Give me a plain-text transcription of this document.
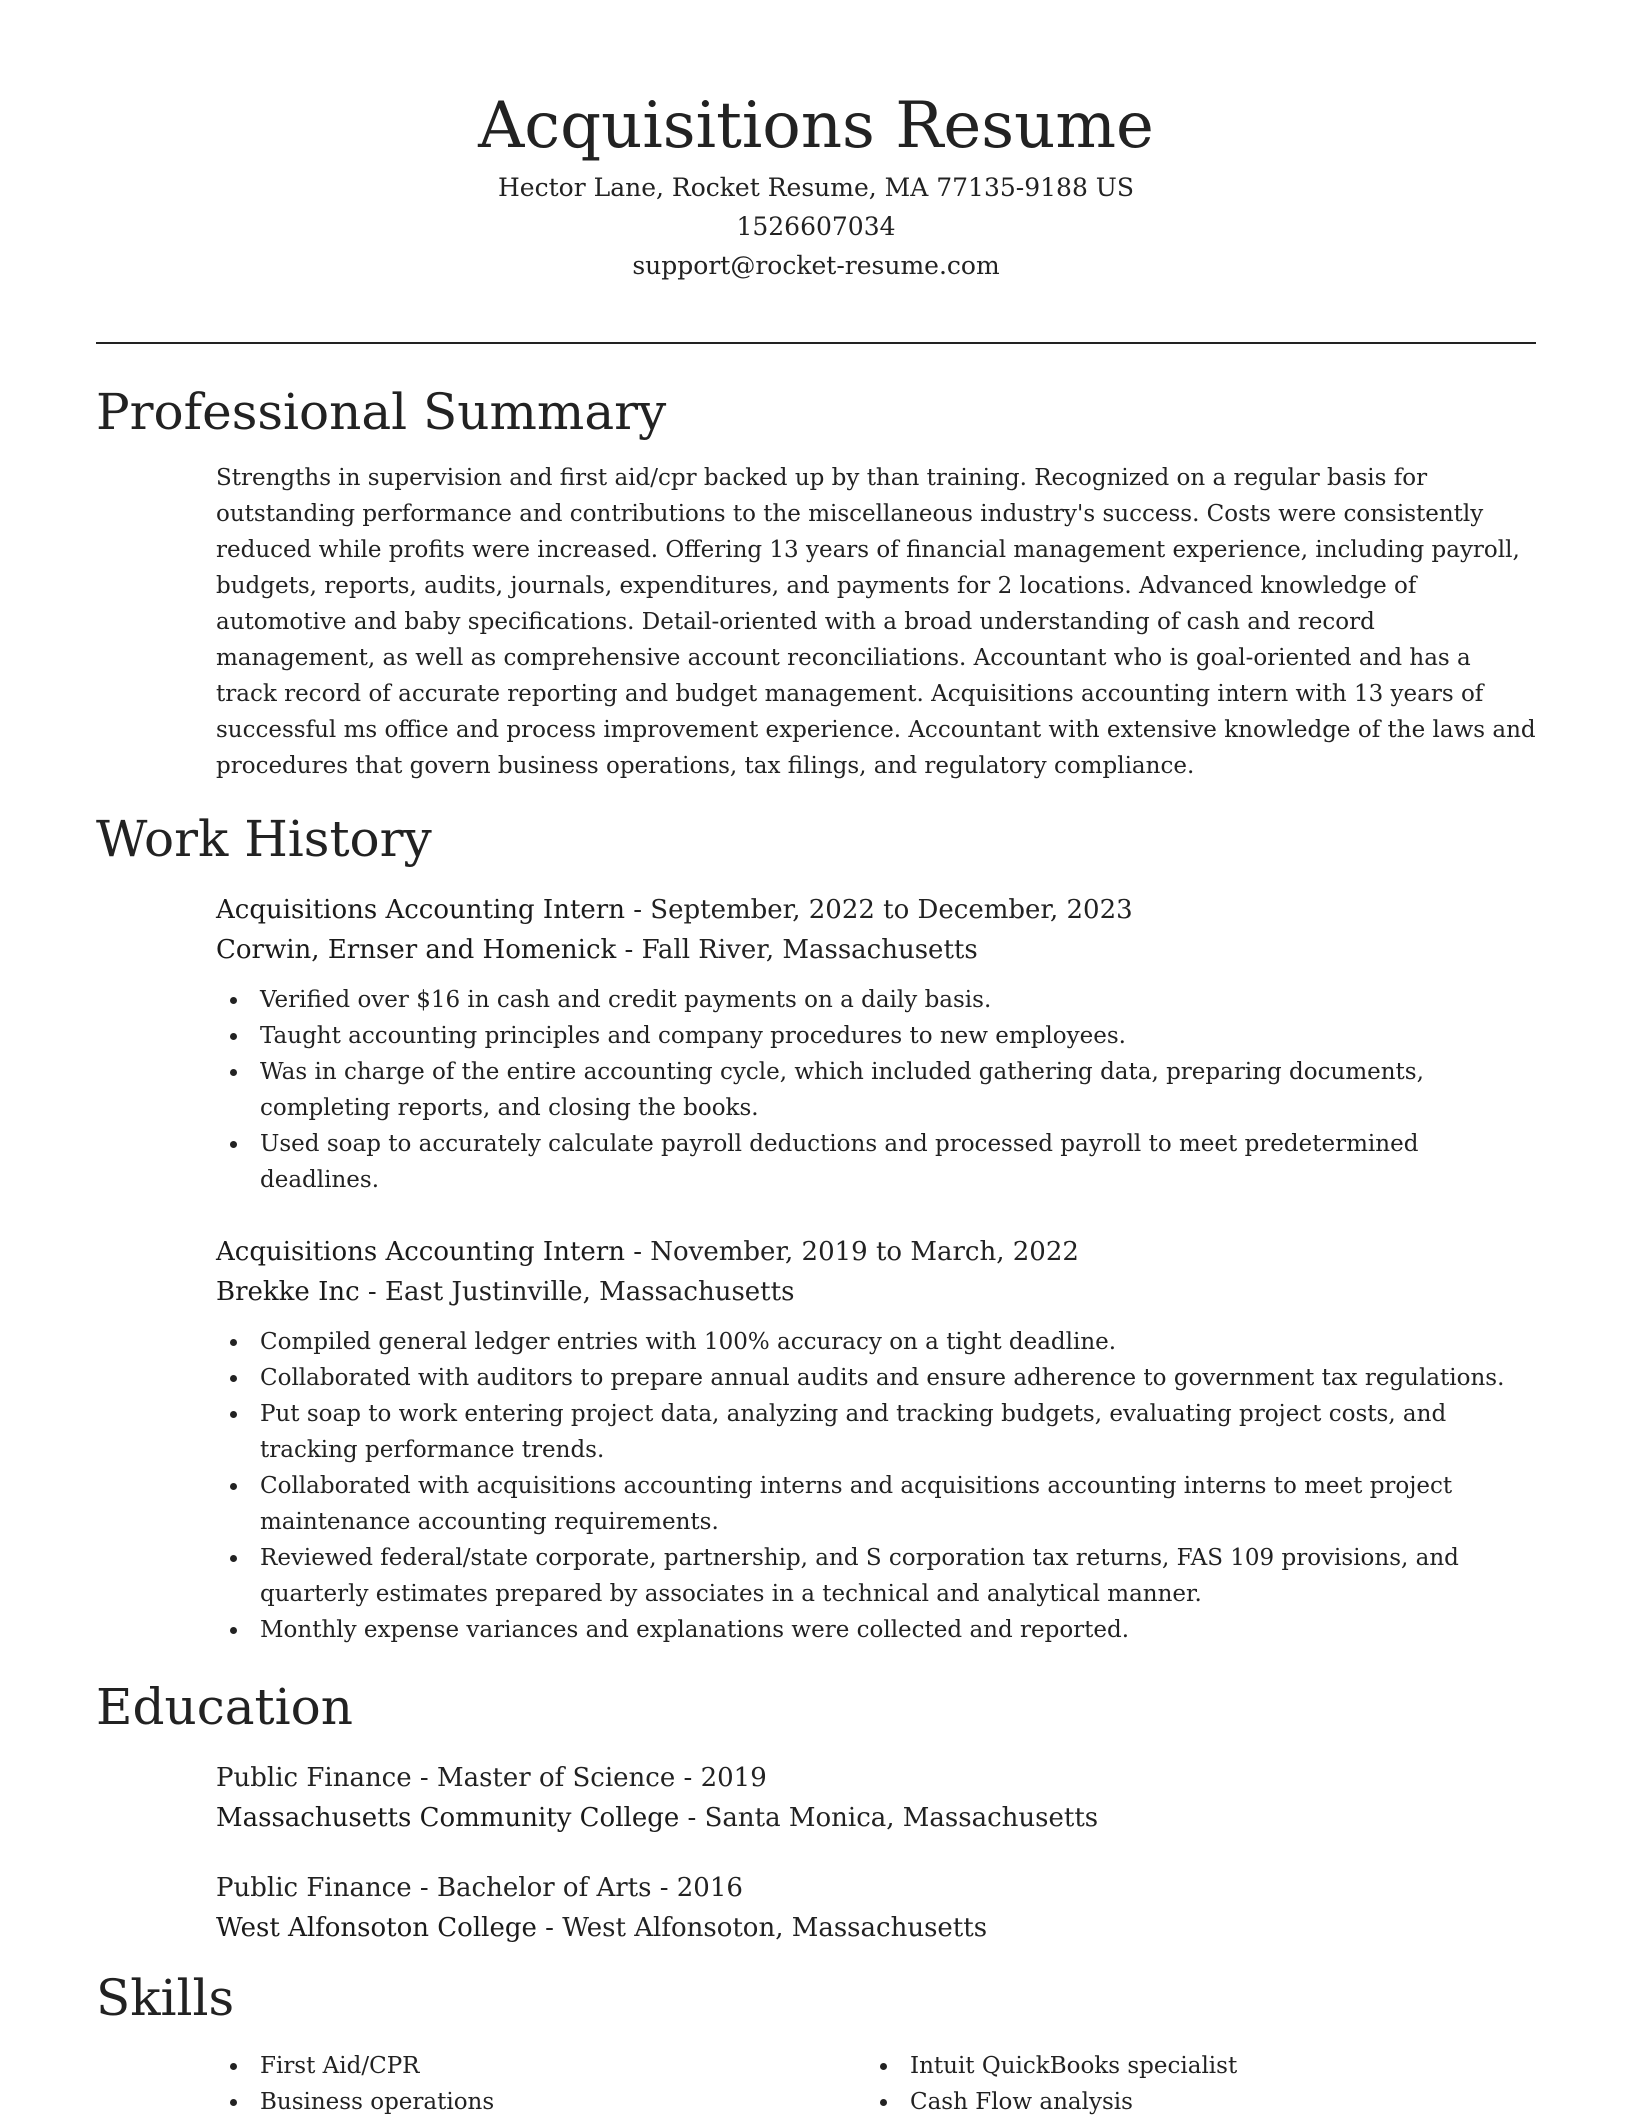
Acquisitions Resume
Hector Lane, Rocket Resume, MA 77135-9188 US
1526607034
support@rocket-resume.com
Professional Summary

Strengths in supervision and first aid/cpr backed up by than training. Recognized on a regular basis for outstanding performance and contributions to the miscellaneous industry's success. Costs were consistently reduced while profits were increased. Offering 13 years of financial management experience, including payroll, budgets, reports, audits, journals, expenditures, and payments for 2 locations. Advanced knowledge of automotive and baby specifications. Detail-oriented with a broad understanding of cash and record management, as well as comprehensive account reconciliations. Accountant who is goal-oriented and has a track record of accurate reporting and budget management. Acquisitions accounting intern with 13 years of successful ms office and process improvement experience. Accountant with extensive knowledge of the laws and procedures that govern business operations, tax filings, and regulatory compliance.

Work History
Acquisitions Accounting Intern - September, 2022 to December, 2023
Corwin, Ernser and Homenick - Fall River, Massachusetts
Verified over $16 in cash and credit payments on a daily basis.
Taught accounting principles and company procedures to new employees.
Was in charge of the entire accounting cycle, which included gathering data, preparing documents, completing reports, and closing the books.
Used soap to accurately calculate payroll deductions and processed payroll to meet predetermined deadlines.
Acquisitions Accounting Intern - November, 2019 to March, 2022
Brekke Inc - East Justinville, Massachusetts
Compiled general ledger entries with 100% accuracy on a tight deadline.
Collaborated with auditors to prepare annual audits and ensure adherence to government tax regulations.
Put soap to work entering project data, analyzing and tracking budgets, evaluating project costs, and tracking performance trends.
Collaborated with acquisitions accounting interns and acquisitions accounting interns to meet project maintenance accounting requirements.
Reviewed federal/state corporate, partnership, and S corporation tax returns, FAS 109 provisions, and quarterly estimates prepared by associates in a technical and analytical manner.
Monthly expense variances and explanations were collected and reported.
Education
Public Finance - Master of Science - 2019
Massachusetts Community College - Santa Monica, Massachusetts
Public Finance - Bachelor of Arts - 2016
West Alfonsoton College - West Alfonsoton, Massachusetts
Skills
First Aid/CPR
Business operations
Intuit QuickBooks specialist
Cash Flow analysis
